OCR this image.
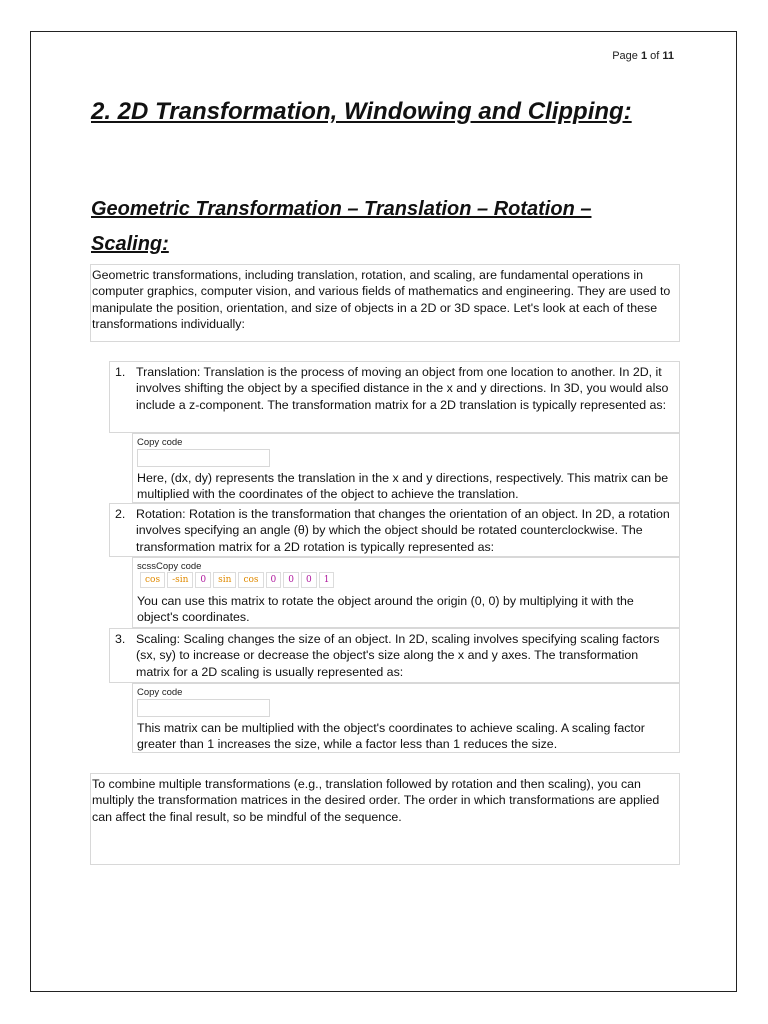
Page 1 of 11
2. 2D Transformation, Windowing and Clipping:
Geometric Transformation – Translation – Rotation – Scaling:
Geometric transformations, including translation, rotation, and scaling, are fundamental operations in computer graphics, computer vision, and various fields of mathematics and engineering. They are used to manipulate the position, orientation, and size of objects in a 2D or 3D space. Let's look at each of these transformations individually:
1. Translation: Translation is the process of moving an object from one location to another. In 2D, it involves shifting the object by a specified distance in the x and y directions. In 3D, you would also include a z-component. The transformation matrix for a 2D translation is typically represented as:
Copy code
Here, (dx, dy) represents the translation in the x and y directions, respectively. This matrix can be multiplied with the coordinates of the object to achieve the translation.
2. Rotation: Rotation is the transformation that changes the orientation of an object. In 2D, a rotation involves specifying an angle (θ) by which the object should be rotated counterclockwise. The transformation matrix for a 2D rotation is typically represented as:
scssCopy code
cos	-sin	0	sin	cos	0	0	0	1
You can use this matrix to rotate the object around the origin (0, 0) by multiplying it with the object's coordinates.
3. Scaling: Scaling changes the size of an object. In 2D, scaling involves specifying scaling factors (sx, sy) to increase or decrease the object's size along the x and y axes. The transformation matrix for a 2D scaling is usually represented as:
Copy code
This matrix can be multiplied with the object's coordinates to achieve scaling. A scaling factor greater than 1 increases the size, while a factor less than 1 reduces the size.
To combine multiple transformations (e.g., translation followed by rotation and then scaling), you can multiply the transformation matrices in the desired order. The order in which transformations are applied can affect the final result, so be mindful of the sequence.
